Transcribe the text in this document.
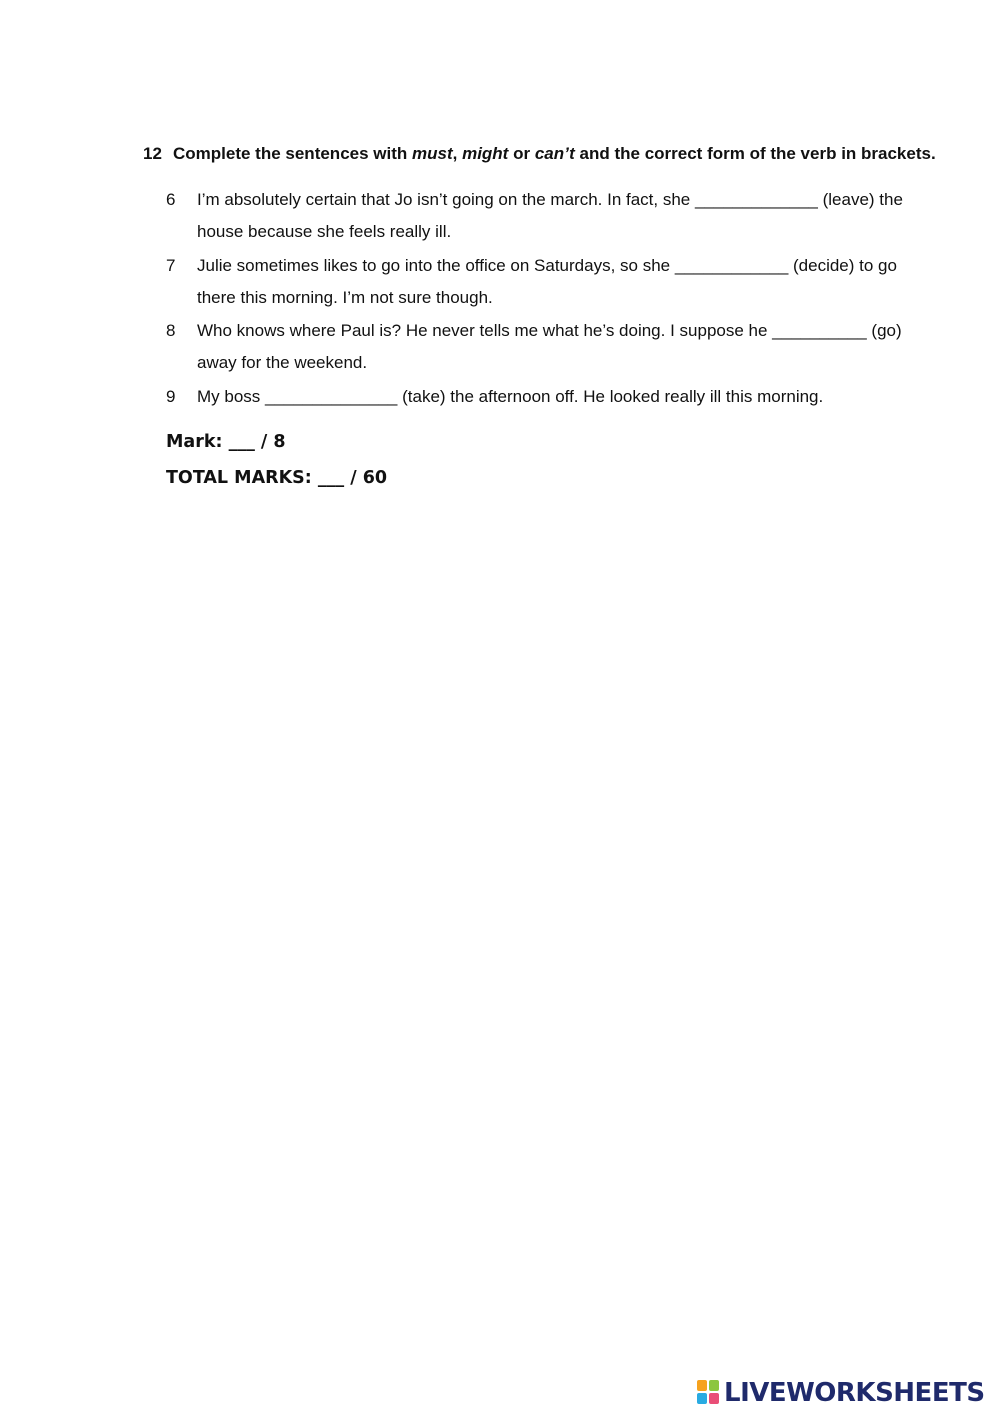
12 Complete the sentences with must, might or can’t and the correct form of the verb in brackets.
6 I’m absolutely certain that Jo isn’t going on the march. In fact, she _____________ (leave) the house because she feels really ill.
7 Julie sometimes likes to go into the office on Saturdays, so she ____________ (decide) to go there this morning. I’m not sure though.
8 Who knows where Paul is? He never tells me what he’s doing. I suppose he __________ (go) away for the weekend.
9 My boss ______________ (take) the afternoon off. He looked really ill this morning.
Mark: ___ / 8
TOTAL MARKS: ___ / 60
LIVEWORKSHEETS
